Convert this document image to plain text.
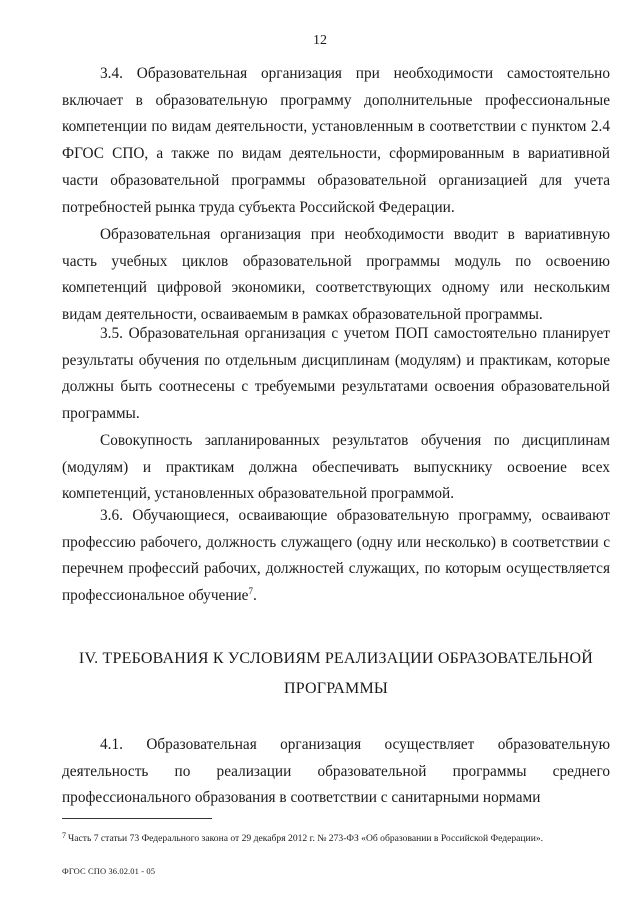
12

3.4. Образовательная организация при необходимости самостоятельно включает в образовательную программу дополнительные профессиональные компетенции по видам деятельности, установленным в соответствии с пунктом 2.4 ФГОС СПО, а также по видам деятельности, сформированным в вариативной части образовательной программы образовательной организацией для учета потребностей рынка труда субъекта Российской Федерации.

Образовательная организация при необходимости вводит в вариативную часть учебных циклов образовательной программы модуль по освоению компетенций цифровой экономики, соответствующих одному или нескольким видам деятельности, осваиваемым в рамках образовательной программы.

3.5. Образовательная организация с учетом ПОП самостоятельно планирует результаты обучения по отдельным дисциплинам (модулям) и практикам, которые должны быть соотнесены с требуемыми результатами освоения образовательной программы.

Совокупность запланированных результатов обучения по дисциплинам (модулям) и практикам должна обеспечивать выпускнику освоение всех компетенций, установленных образовательной программой.

3.6. Обучающиеся, осваивающие образовательную программу, осваивают профессию рабочего, должность служащего (одну или несколько) в соответствии с перечнем профессий рабочих, должностей служащих, по которым осуществляется профессиональное обучение$^7$.

IV. ТРЕБОВАНИЯ К УСЛОВИЯМ РЕАЛИЗАЦИИ ОБРАЗОВАТЕЛЬНОЙ
ПРОГРАММЫ

4.1. Образовательная организация осуществляет образовательную деятельность по реализации образовательной программы среднего профессионального образования в соответствии с санитарными нормами

$^7$ Часть 7 статьи 73 Федерального закона от 29 декабря 2012 г. № 273-ФЗ «Об образовании в Российской Федерации».
ФГОС СПО 36.02.01 - 05
